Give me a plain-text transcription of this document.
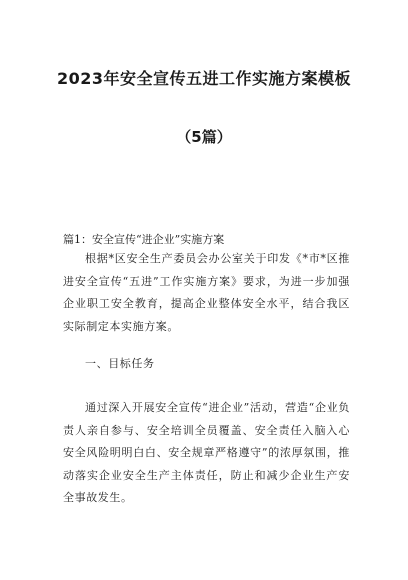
2023年安全宣传五进工作实施方案模板
（5篇）
篇1：安全宣传“进企业”实施方案
根据*区安全生产委员会办公室关于印发《*市*区推进安全宣传“五进”工作实施方案》要求，为进一步加强企业职工安全教育，提高企业整体安全水平，结合我区实际制定本实施方案。
一、目标任务
通过深入开展安全宣传“进企业”活动，营造“企业负责人亲自参与、安全培训全员覆盖、安全责任入脑入心安全风险明明白白、安全规章严格遵守”的浓厚氛围，推动落实企业安全生产主体责任，防止和减少企业生产安全事故发生。
